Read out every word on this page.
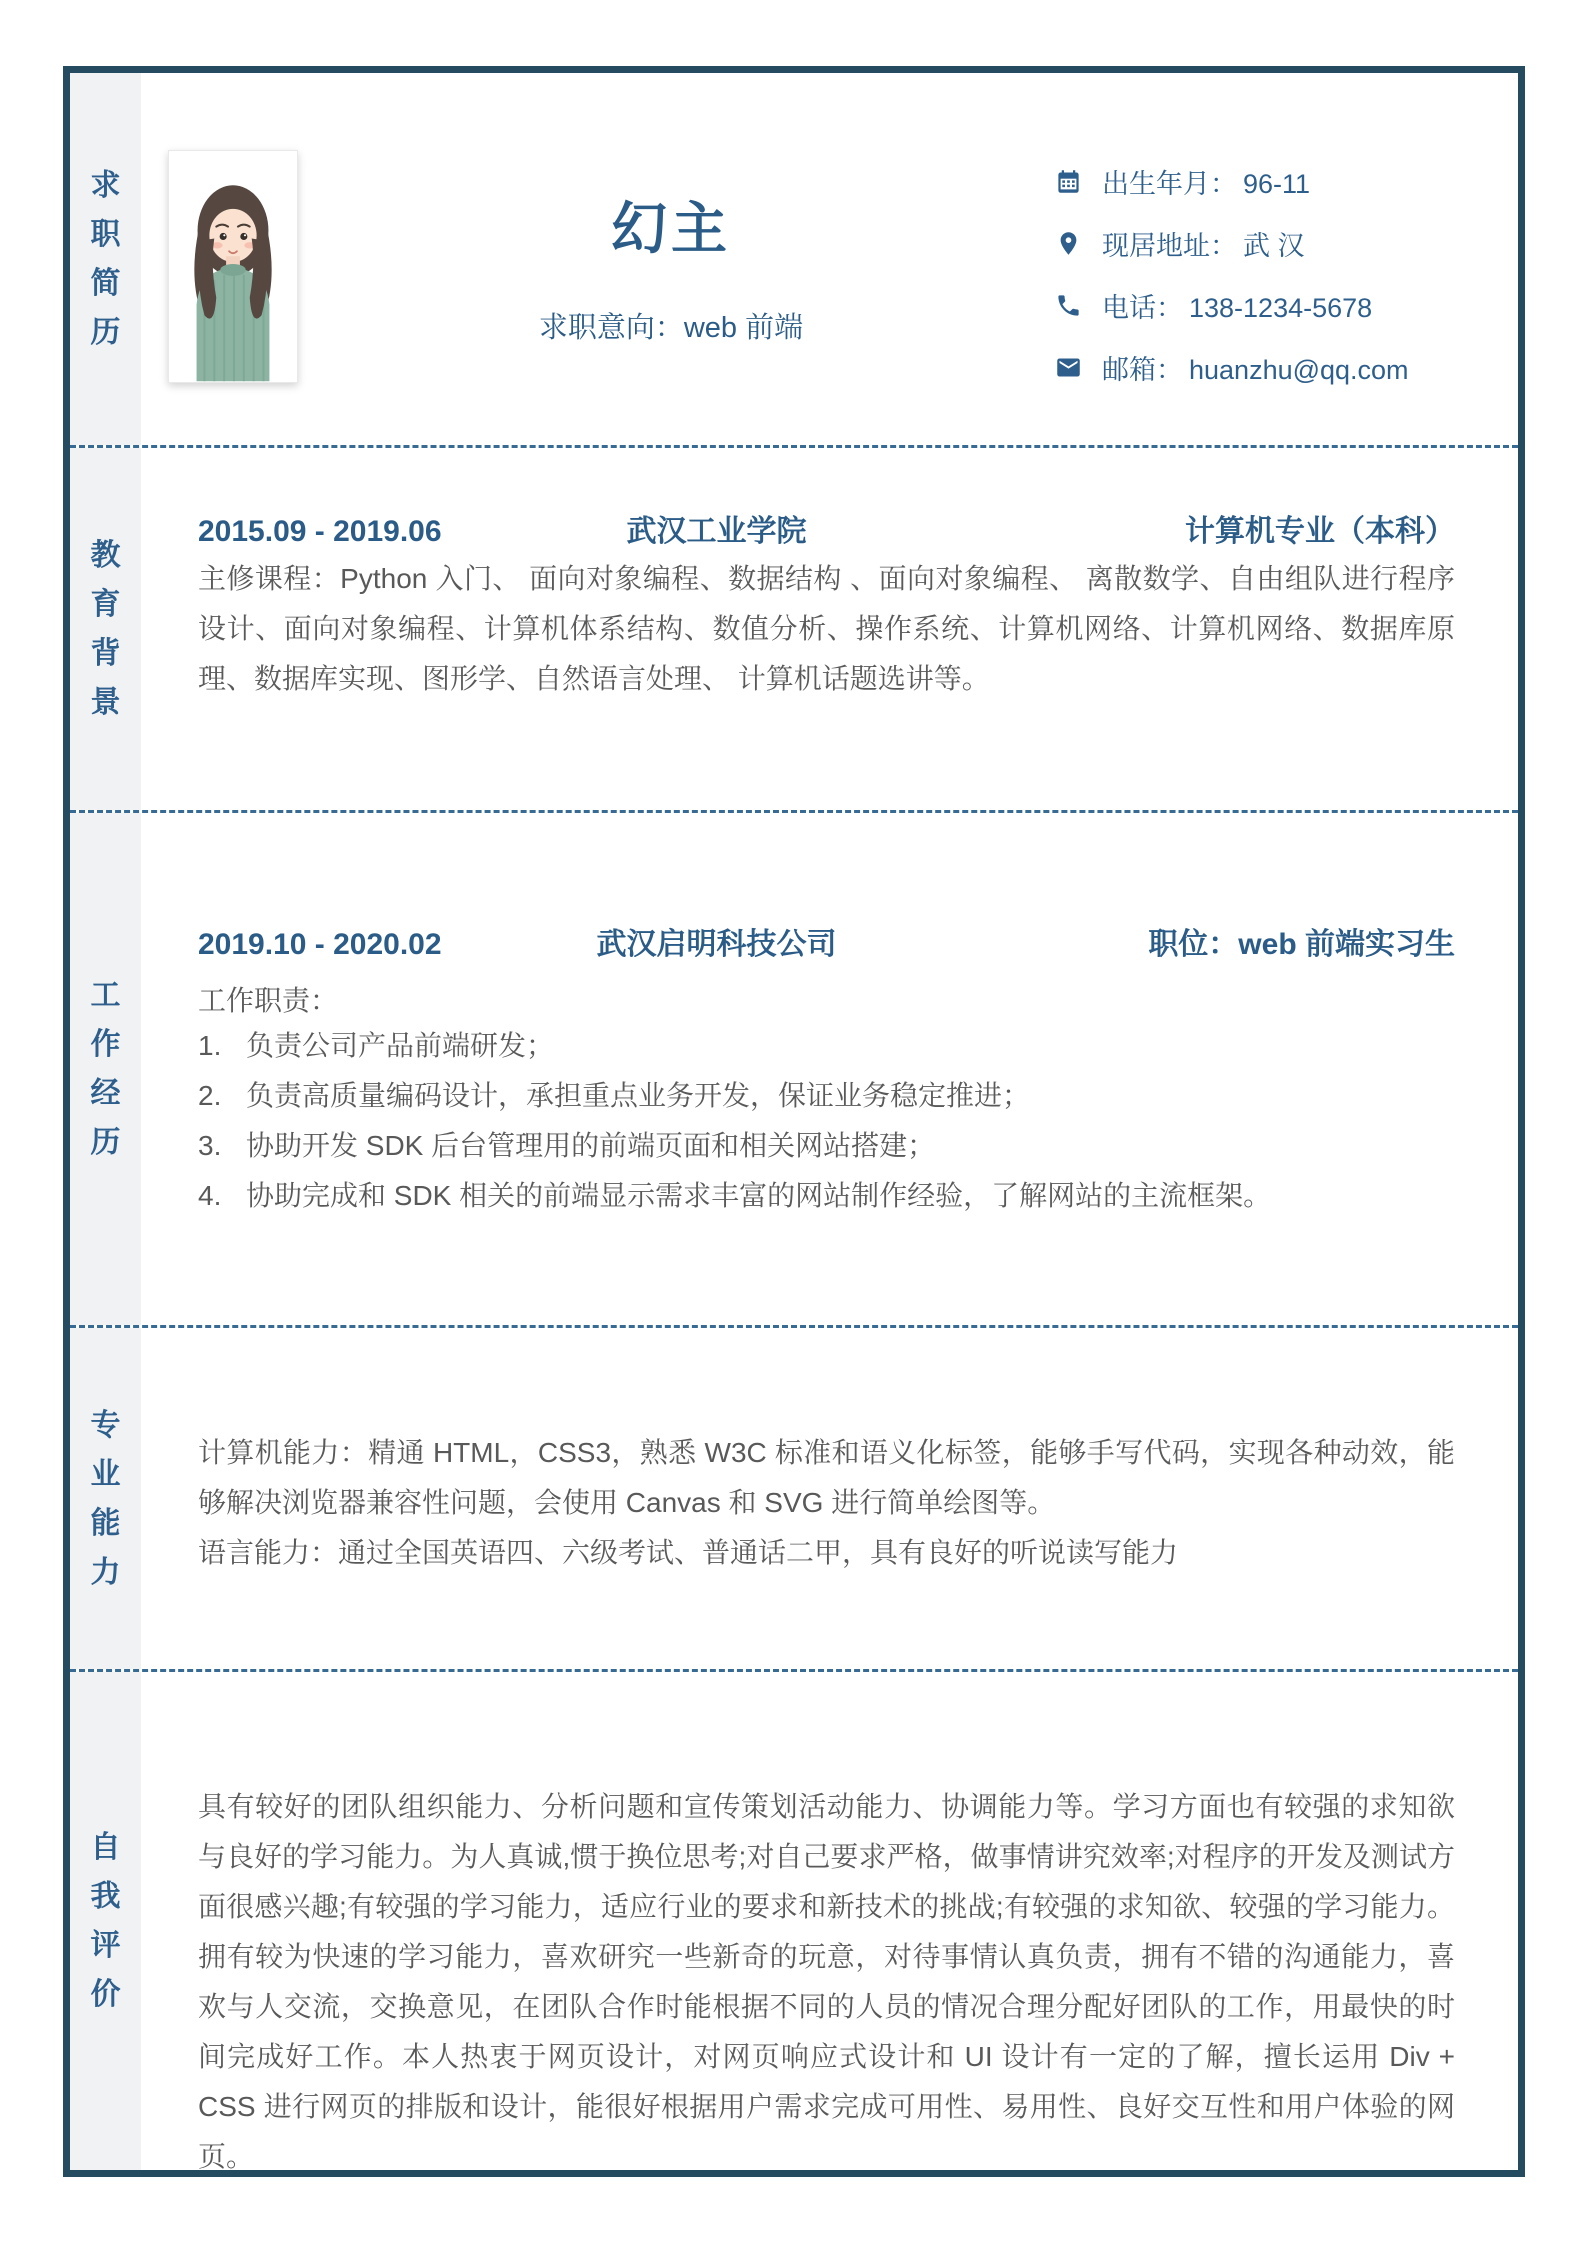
求职简历
幻主
求职意向：web 前端
出生年月： 96-11
现居地址： 武 汉
电话： 138-1234-5678
邮箱： huanzhu@qq.com
教育背景
2015.09 - 2019.06	武汉工业学院	计算机专业（本科）
主修课程：Python 入门、 面向对象编程、数据结构 、面向对象编程、 离散数学、自由组队进行程序设计、面向对象编程、计算机体系结构、数值分析、操作系统、计算机网络、计算机网络、数据库原理、数据库实现、图形学、自然语言处理、 计算机话题选讲等。
工作经历
2019.10 - 2020.02	武汉启明科技公司	职位：web 前端实习生
工作职责：
1. 负责公司产品前端研发；
2. 负责高质量编码设计，承担重点业务开发，保证业务稳定推进；
3. 协助开发 SDK 后台管理用的前端页面和相关网站搭建；
4. 协助完成和 SDK 相关的前端显示需求丰富的网站制作经验，了解网站的主流框架。
专业能力
计算机能力：精通 HTML，CSS3，熟悉 W3C 标准和语义化标签，能够手写代码，实现各种动效，能够解决浏览器兼容性问题，会使用 Canvas 和 SVG 进行简单绘图等。
语言能力：通过全国英语四、六级考试、普通话二甲，具有良好的听说读写能力
自我评价
具有较好的团队组织能力、分析问题和宣传策划活动能力、协调能力等。学习方面也有较强的求知欲与良好的学习能力。为人真诚,惯于换位思考;对自己要求严格，做事情讲究效率;对程序的开发及测试方面很感兴趣;有较强的学习能力，适应行业的要求和新技术的挑战;有较强的求知欲、较强的学习能力。拥有较为快速的学习能力，喜欢研究一些新奇的玩意，对待事情认真负责，拥有不错的沟通能力，喜欢与人交流，交换意见，在团队合作时能根据不同的人员的情况合理分配好团队的工作，用最快的时间完成好工作。本人热衷于网页设计，对网页响应式设计和 UI 设计有一定的了解，擅长运用 Div + CSS 进行网页的排版和设计，能很好根据用户需求完成可用性、易用性、良好交互性和用户体验的网页。
